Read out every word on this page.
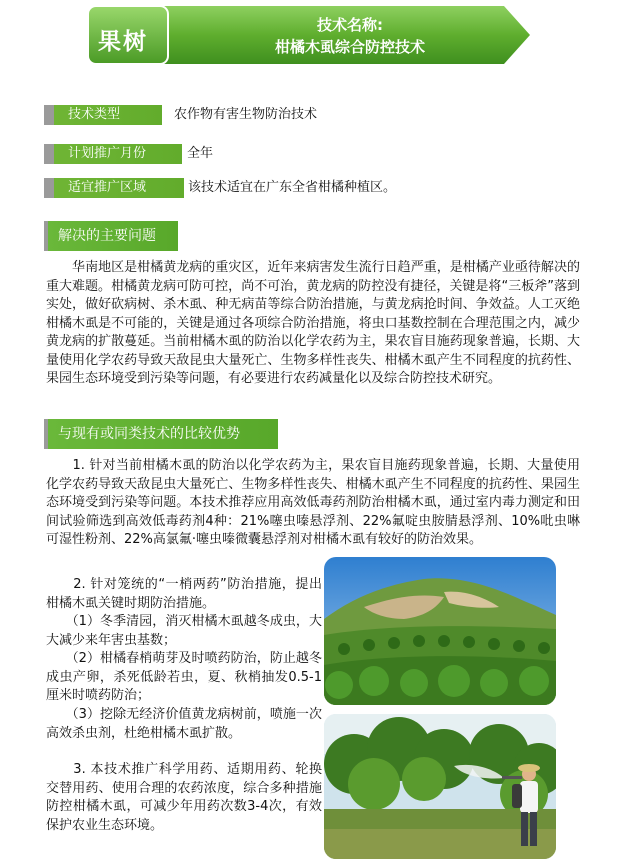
果树
技术名称:
柑橘木虱综合防控技术
技术类型	农作物有害生物防治技术
计划推广月份	全年
适宜推广区域	该技术适宜在广东全省柑橘种植区。
解决的主要问题

　　华南地区是柑橘黄龙病的重灾区，近年来病害发生流行日趋严重，是柑橘产业亟待解决的重大难题。柑橘黄龙病可防可控，尚不可治，黄龙病的防控没有捷径，关键是将“三板斧”落到实处，做好砍病树、杀木虱、种无病苗等综合防治措施，与黄龙病抢时间、争效益。人工灭绝柑橘木虱是不可能的，关键是通过各项综合防治措施，将虫口基数控制在合理范围之内，减少黄龙病的扩散蔓延。当前柑橘木虱的防治以化学农药为主，果农盲目施药现象普遍，长期、大量使用化学农药导致天敌昆虫大量死亡、生物多样性丧失、柑橘木虱产生不同程度的抗药性、果园生态环境受到污染等问题，有必要进行农药减量化以及综合防控技术研究。

与现有或同类技术的比较优势

　　1. 针对当前柑橘木虱的防治以化学农药为主，果农盲目施药现象普遍，长期、大量使用化学农药导致天敌昆虫大量死亡、生物多样性丧失、柑橘木虱产生不同程度的抗药性、果园生态环境受到污染等问题。本技术推荐应用高效低毒药剂防治柑橘木虱，通过室内毒力测定和田间试验筛选到高效低毒药剂4种：21%噻虫嗪悬浮剂、22%氟啶虫胺腈悬浮剂、10%吡虫啉可湿性粉剂、22%高氯氟·噻虫嗪微囊悬浮剂对柑橘木虱有较好的防治效果。

　　2. 针对笼统的“一梢两药”防治措施，提出柑橘木虱关键时期防治措施。

　　（1）冬季清园，消灭柑橘木虱越冬成虫，大大减少来年害虫基数；

　　（2）柑橘春梢萌芽及时喷药防治，防止越冬成虫产卵，杀死低龄若虫，夏、秋梢抽发0.5-1厘米时喷药防治；

　　（3）挖除无经济价值黄龙病树前，喷施一次高效杀虫剂，杜绝柑橘木虱扩散。

　　3. 本技术推广科学用药、适期用药、轮换交替用药、使用合理的农药浓度，综合多种措施防控柑橘木虱，可减少年用药次数3-4次，有效保护农业生态环境。
